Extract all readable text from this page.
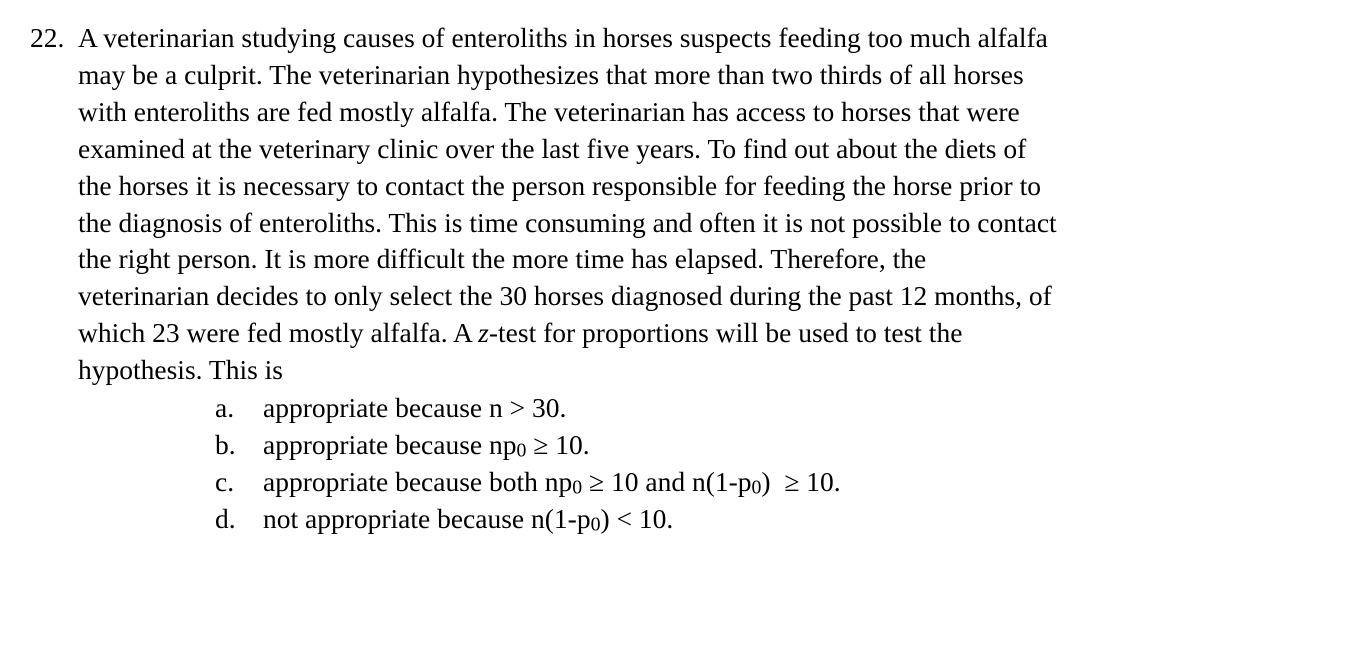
22. A veterinarian studying causes of enteroliths in horses suspects feeding too much alfalfa
may be a culprit. The veterinarian hypothesizes that more than two thirds of all horses
with enteroliths are fed mostly alfalfa. The veterinarian has access to horses that were
examined at the veterinary clinic over the last five years. To find out about the diets of
the horses it is necessary to contact the person responsible for feeding the horse prior to
the diagnosis of enteroliths. This is time consuming and often it is not possible to contact
the right person. It is more difficult the more time has elapsed. Therefore, the
veterinarian decides to only select the 30 horses diagnosed during the past 12 months, of
which 23 were fed mostly alfalfa. A z-test for proportions will be used to test the
hypothesis. This is
a.	appropriate because n > 30.
b. appropriate because np0 ≥ 10.
c.	appropriate because both np0 ≥ 10 and n(1-p0)  ≥ 10.
d. not appropriate because n(1-p0) < 10.
